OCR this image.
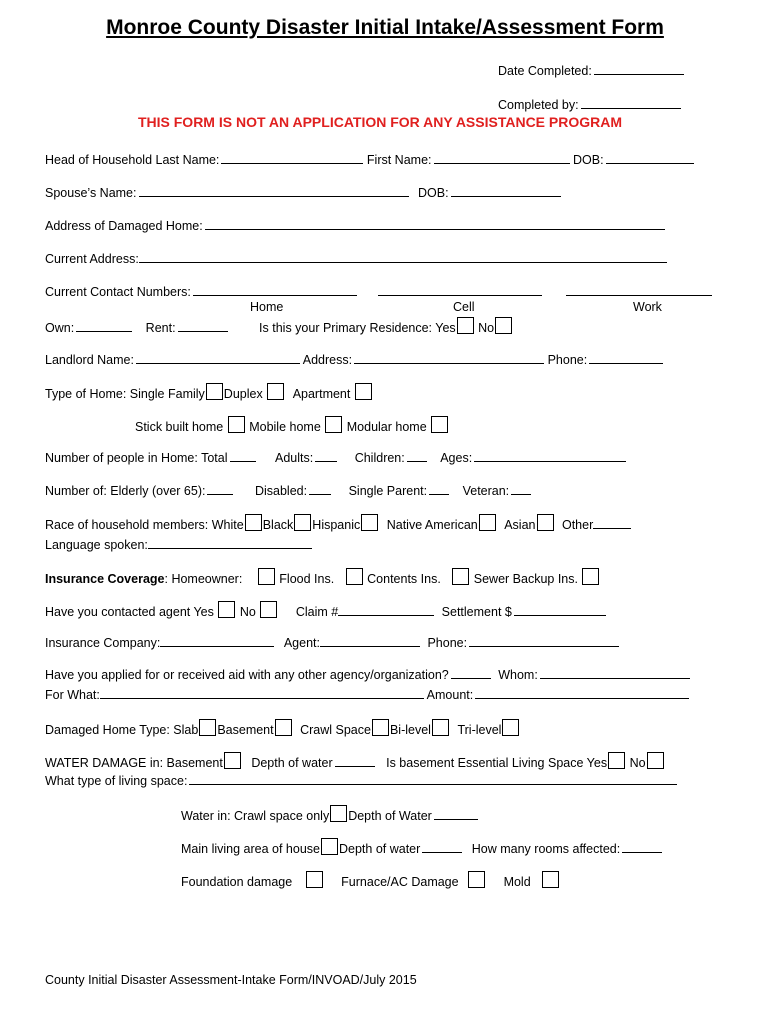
Monroe County Disaster Initial Intake/Assessment Form
Date Completed:
Completed by:
THIS FORM IS NOT AN APPLICATION FOR ANY ASSISTANCE PROGRAM
Head of Household Last Name:	First Name:	DOB:
Spouse’s Name:	DOB:
Address of Damaged Home:
Current Address:
Current Contact Numbers:
Home	Cell	Work
Own:	Rent:	Is this your Primary Residence: Yes No
Landlord Name:	Address:	Phone:
Type of Home: Single Family Duplex Apartment
Stick built home Mobile home Modular home
Number of people in Home: Total	Adults:	Children:	Ages:
Number of: Elderly (over 65):	Disabled:	Single Parent:	Veteran:
Race of household members: White Black Hispanic Native American Asian Other
Language spoken:
Insurance Coverage: Homeowner:	Flood Ins.	Contents Ins.	Sewer Backup Ins.
Have you contacted agent Yes No	Claim #	Settlement $
Insurance Company:	Agent:	Phone:
Have you applied for or received aid with any other agency/organization?	Whom:
For What:	Amount:
Damaged Home Type: Slab Basement Crawl Space Bi-level Tri-level
WATER DAMAGE in: Basement Depth of water	Is basement Essential Living Space Yes No
What type of living space:
Water in: Crawl space only Depth of Water
Main living area of house Depth of water	How many rooms affected:
Foundation damage	Furnace/AC Damage	Mold
County Initial Disaster Assessment-Intake Form/INVOAD/July 2015
